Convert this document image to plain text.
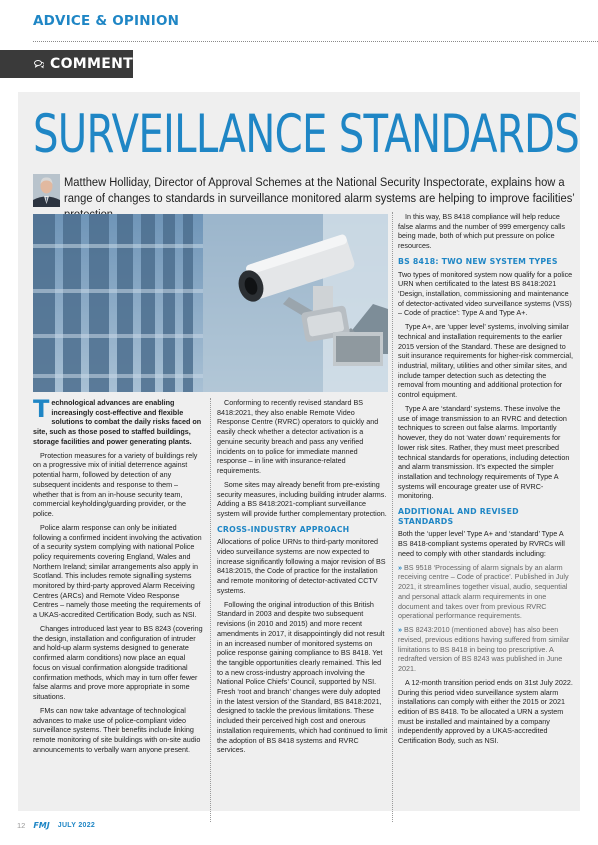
ADVICE & OPINION
COMMENT
SURVEILLANCE STANDARDS
Matthew Holliday, Director of Approval Schemes at the National Security Inspectorate, explains how a range of changes to standards in surveillance monitored alarm systems are helping to improve facilities’

Technological advances are enabling increasingly cost-effective and flexible solutions to combat the daily risks faced on site, such as those posed to staffed buildings, storage facilities and power generating plants.

Protection measures for a variety of buildings rely on a progressive mix of initial deterrence against potential harm, followed by detection of any subsequent incidents and response to them – whether that is from an in-house security team, commercial keyholding/guarding provider, or the police.

Police alarm response can only be initiated following a confirmed incident involving the activation of a security system complying with national Police policy requirements covering England, Wales and Northern Ireland; similar arrangements also apply in Scotland. This includes remote signalling systems monitored by third-party approved Alarm Receiving Centres (ARCs) and Remote Video Response Centres – namely those meeting the requirements of a UKAS-accredited Certification Body, such as NSI.

Changes introduced last year to BS 8243 (covering the design, installation and configuration of intruder and hold-up alarm systems designed to generate confirmed alarm conditions) now place an equal focus on visual confirmation alongside traditional confirmation methods, which may in turn offer fewer false alarms and prove more appropriate in some situations.

FMs can now take advantage of technological advances to make use of police-compliant video surveillance systems. Their benefits include linking remote monitoring of site buildings with on-site audio announcements to verbally warn anyone present.

Conforming to recently revised standard BS 8418:2021, they also enable Remote Video Response Centre (RVRC) operators to quickly and easily check whether a detector activation is a genuine security breach and pass any verified incidents on to police for immediate manned response – in line with insurance-related requirements.

Some sites may already benefit from pre-existing security measures, including building intruder alarms. Adding a BS 8418:2021-compliant surveillance system will provide further complementary protection.

CROSS-INDUSTRY APPROACH

Allocations of police URNs to third-party monitored video surveillance systems are now expected to increase significantly following a major revision of BS 8418:2015, the Code of practice for the installation and remote monitoring of detector-activated CCTV systems.

Following the original introduction of this British Standard in 2003 and despite two subsequent revisions (in 2010 and 2015) and more recent amendments in 2017, it disappointingly did not result in an increased number of monitored systems on police response gaining compliance to BS 8418. Yet the tangible opportunities clearly remained. This led to a new cross-industry approach involving the National Police Chiefs’ Council, supported by NSI. Fresh ‘root and branch’ changes were duly adopted in the latest version of the Standard, BS 8418:2021, designed to tackle the previous limitations. These included their perceived high cost and onerous installation requirements, which had continued to limit the adoption of BS 8418 systems and RVRC services.

In this way, BS 8418 compliance will help reduce false alarms and the number of 999 emergency calls being made, both of which put pressure on police resources.

BS 8418: TWO NEW SYSTEM TYPES

Two types of monitored system now qualify for a police URN when certificated to the latest BS 8418:2021 ‘Design, installation, commissioning and maintenance of detector-activated video surveillance systems (VSS) – Code of practice’: Type A and Type A+.

Type A+, are ‘upper level’ systems, involving similar technical and installation requirements to the earlier 2015 version of the Standard. These are designed to suit insurance requirements for higher-risk commercial, industrial, military, utilities and other similar sites, and include tamper detection such as detecting the removal from mounting and additional protection for control equipment.

Type A are ‘standard’ systems. These involve the use of image transmission to an RVRC and detection techniques to screen out false alarms. Importantly however, they do not ‘water down’ requirements for lower risk sites. Rather, they must meet prescribed technical standards for operations, including detection and alarm transmission. It’s expected the simpler installation and technology requirements of Type A systems will encourage greater use of RVRC-monitoring.

ADDITIONAL AND REVISED STANDARDS

Both the ‘upper level’ Type A+ and ‘standard’ Type A BS 8418-compliant systems operated by RVRCs will need to comply with other standards including:

» BS 9518 ‘Processing of alarm signals by an alarm receiving centre – Code of practice’. Published in July 2021, it streamlines together visual, audio, sequential and personal attack alarm requirements in one document and takes over from previous RVRC operational performance requirements.

» BS 8243:2010 (mentioned above) has also been revised, previous editions having suffered from similar limitations to BS 8418 in being too prescriptive. A redrafted version of BS 8243 was published in June 2021.

A 12-month transition period ends on 31st July 2022. During this period video surveillance system alarm installations can comply with either the 2015 or 2021 edition of BS 8418. To be allocated a URN a system must be installed and maintained by a company independently approved by a UKAS-accredited Certification Body, such as NSI.

12 FMJ JULY 2022
